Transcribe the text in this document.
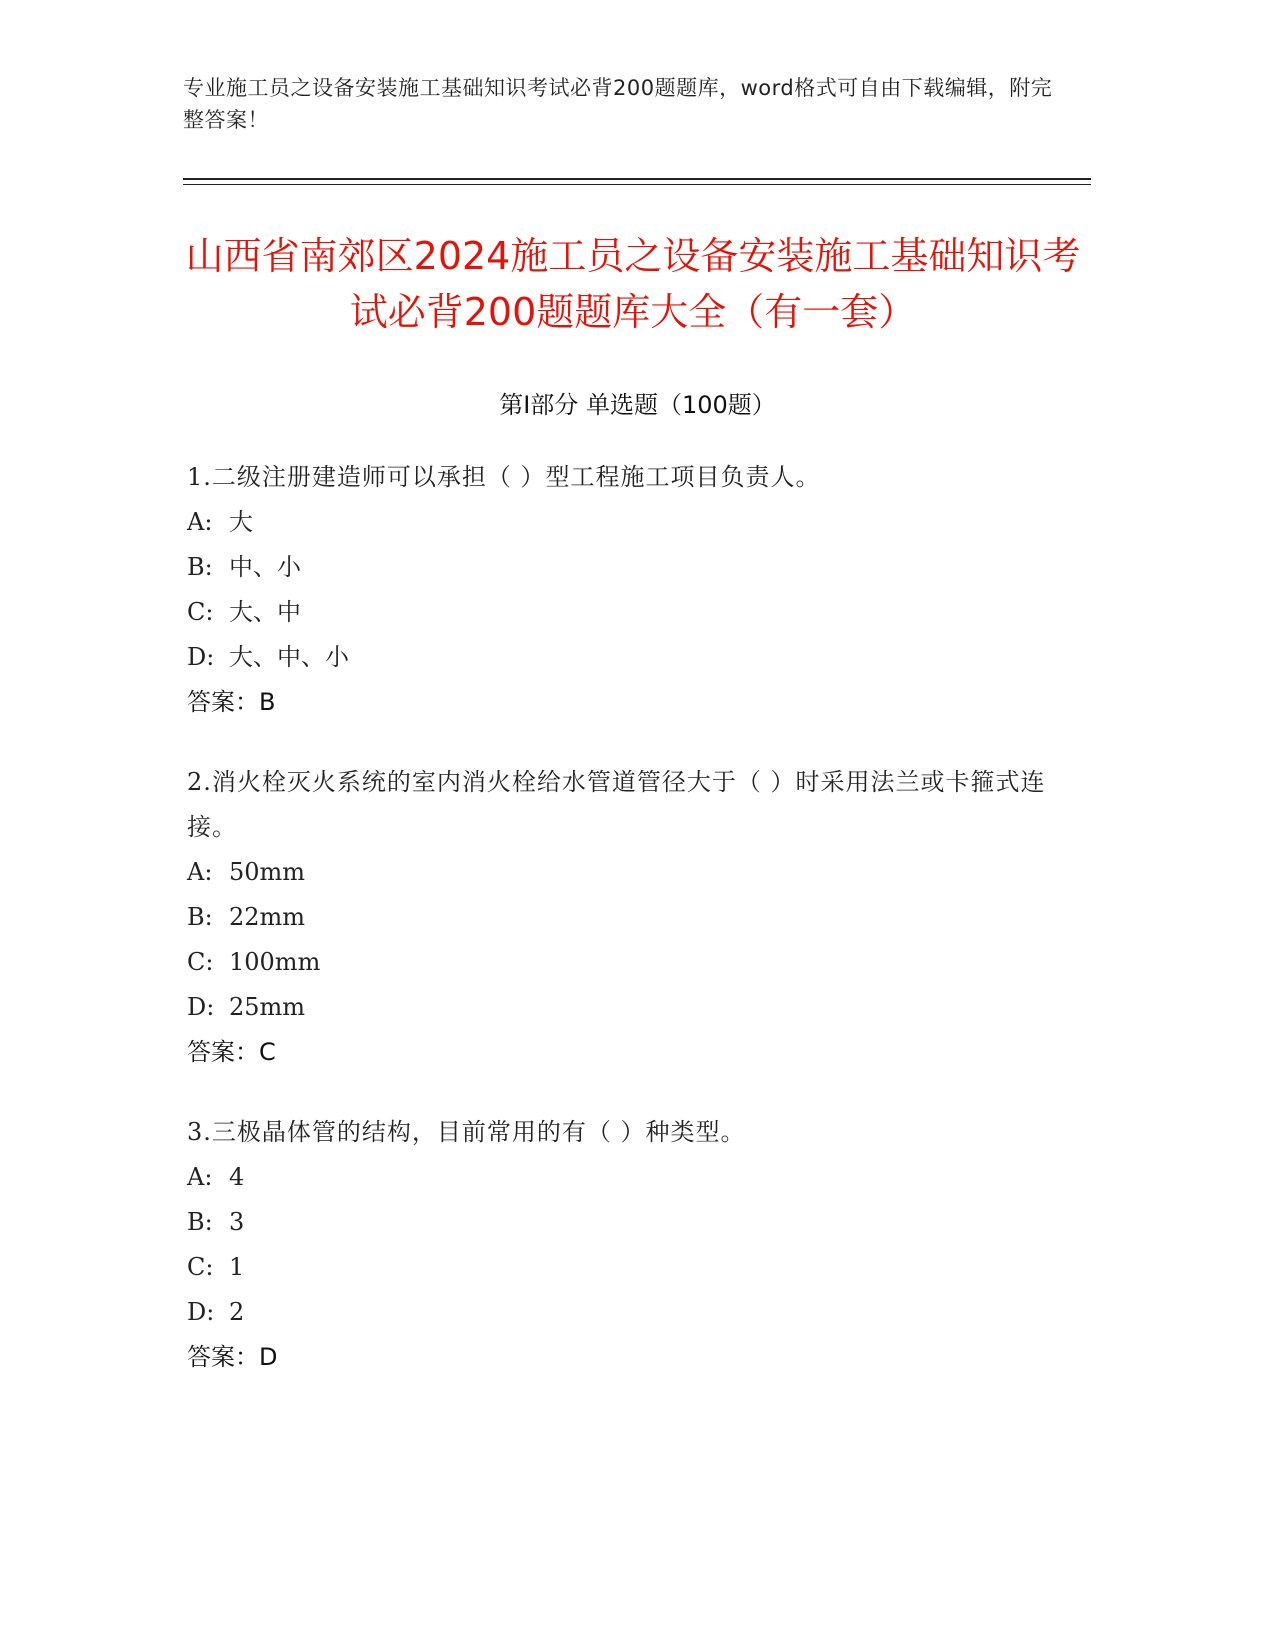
专业施工员之设备安装施工基础知识考试必背200题题库，word格式可自由下载编辑，附完整答案！
山西省南郊区2024施工员之设备安装施工基础知识考试必背200题题库大全（有一套）
第I部分 单选题（100题）

1.二级注册建造师可以承担（ ）型工程施工项目负责人。

A: 大

B: 中、小

C: 大、中

D: 大、中、小

答案：B

2.消火栓灭火系统的室内消火栓给水管道管径大于（ ）时采用法兰或卡箍式连接。

A: 50mm

B: 22mm

C: 100mm

D: 25mm

答案：C

3.三极晶体管的结构，目前常用的有（ ）种类型。

A: 4

B: 3

C: 1

D: 2

答案：D
